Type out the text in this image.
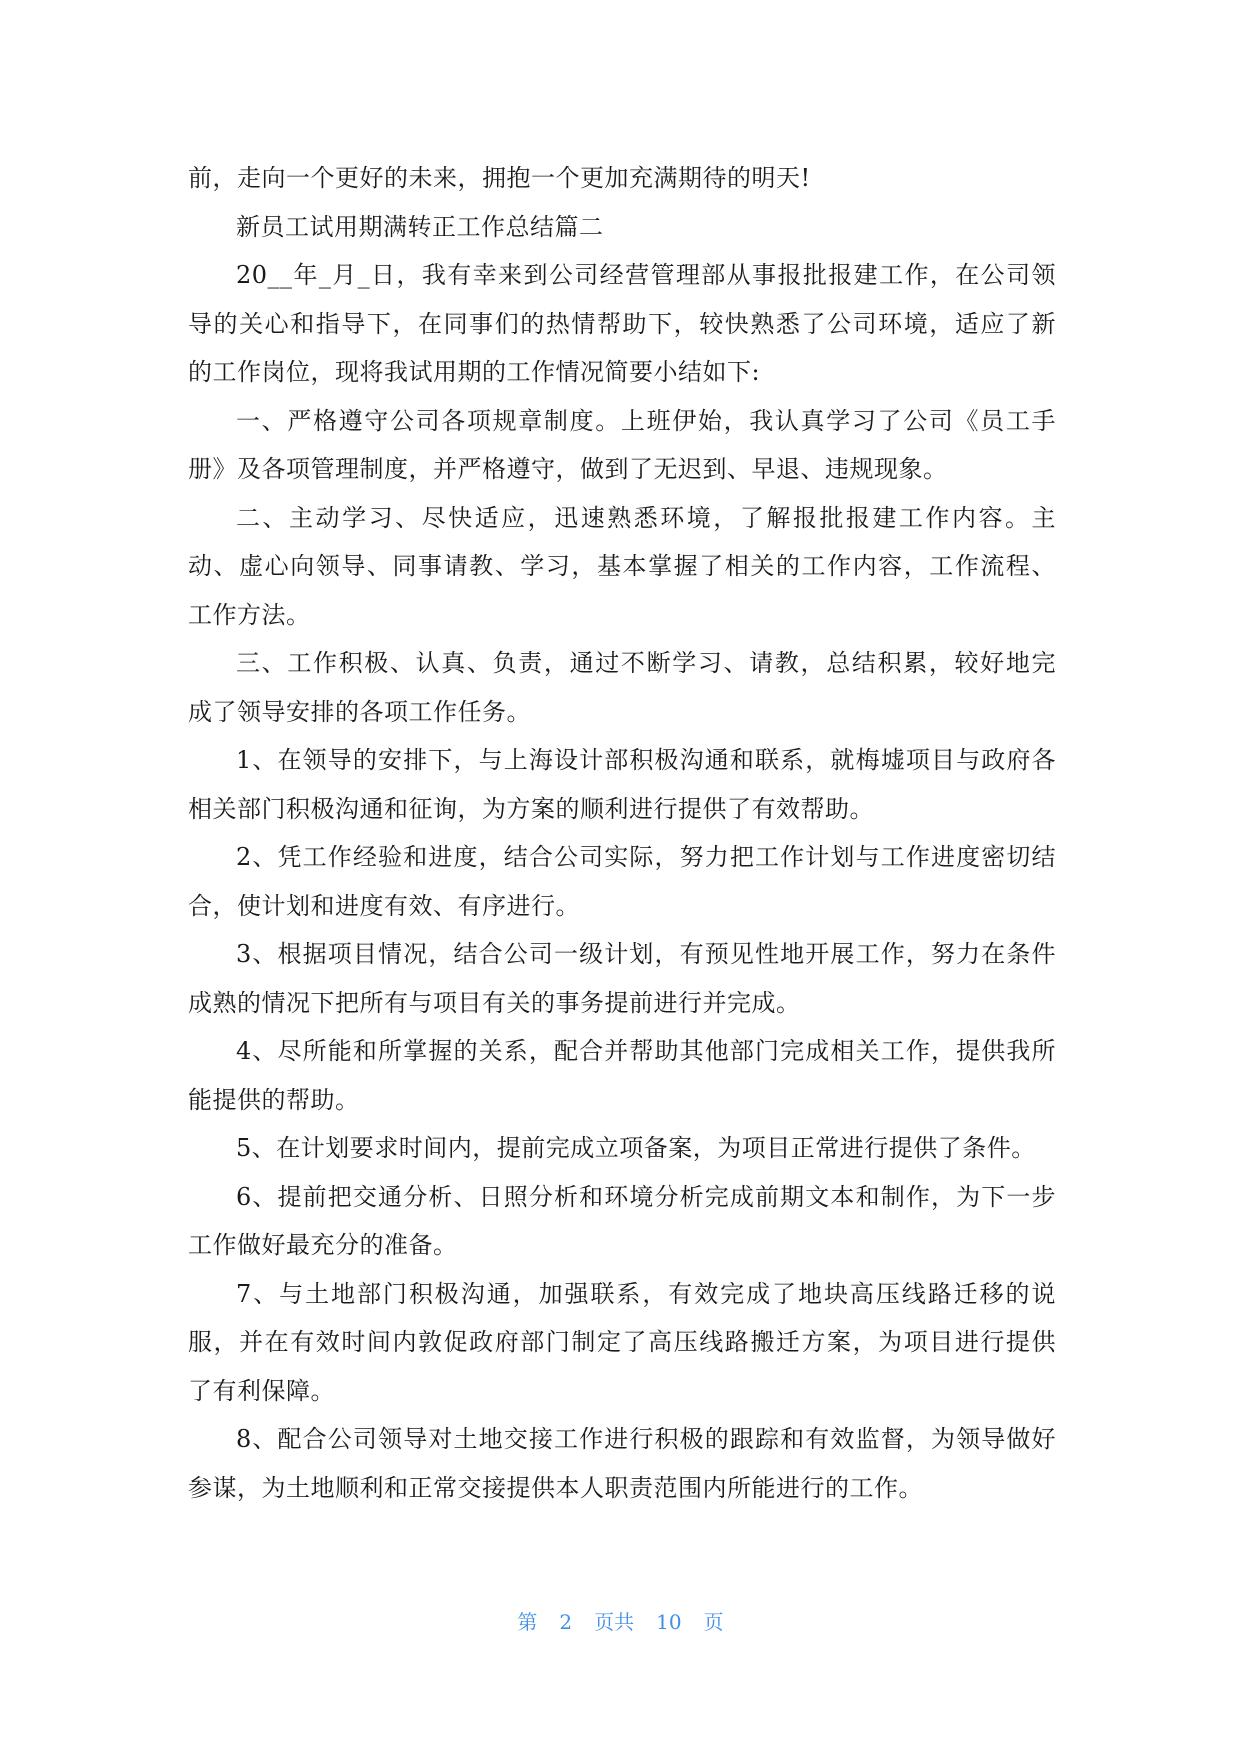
前，走向一个更好的未来，拥抱一个更加充满期待的明天!
新员工试用期满转正工作总结篇二
20__年_月_日，我有幸来到公司经营管理部从事报批报建工作，在公司领
导的关心和指导下，在同事们的热情帮助下，较快熟悉了公司环境，适应了新
的工作岗位，现将我试用期的工作情况简要小结如下:
一、严格遵守公司各项规章制度。上班伊始，我认真学习了公司《员工手
册》及各项管理制度，并严格遵守，做到了无迟到、早退、违规现象。
二、主动学习、尽快适应，迅速熟悉环境，了解报批报建工作内容。主
动、虚心向领导、同事请教、学习，基本掌握了相关的工作内容，工作流程、
工作方法。
三、工作积极、认真、负责，通过不断学习、请教，总结积累，较好地完
成了领导安排的各项工作任务。
1、在领导的安排下，与上海设计部积极沟通和联系，就梅墟项目与政府各
相关部门积极沟通和征询，为方案的顺利进行提供了有效帮助。
2、凭工作经验和进度，结合公司实际，努力把工作计划与工作进度密切结
合，使计划和进度有效、有序进行。
3、根据项目情况，结合公司一级计划，有预见性地开展工作，努力在条件
成熟的情况下把所有与项目有关的事务提前进行并完成。
4、尽所能和所掌握的关系，配合并帮助其他部门完成相关工作，提供我所
能提供的帮助。
5、在计划要求时间内，提前完成立项备案，为项目正常进行提供了条件。
6、提前把交通分析、日照分析和环境分析完成前期文本和制作，为下一步
工作做好最充分的准备。
7、与土地部门积极沟通，加强联系，有效完成了地块高压线路迁移的说
服，并在有效时间内敦促政府部门制定了高压线路搬迁方案，为项目进行提供
了有利保障。
8、配合公司领导对土地交接工作进行积极的跟踪和有效监督，为领导做好
参谋，为土地顺利和正常交接提供本人职责范围内所能进行的工作。
第 2 页共 10 页
